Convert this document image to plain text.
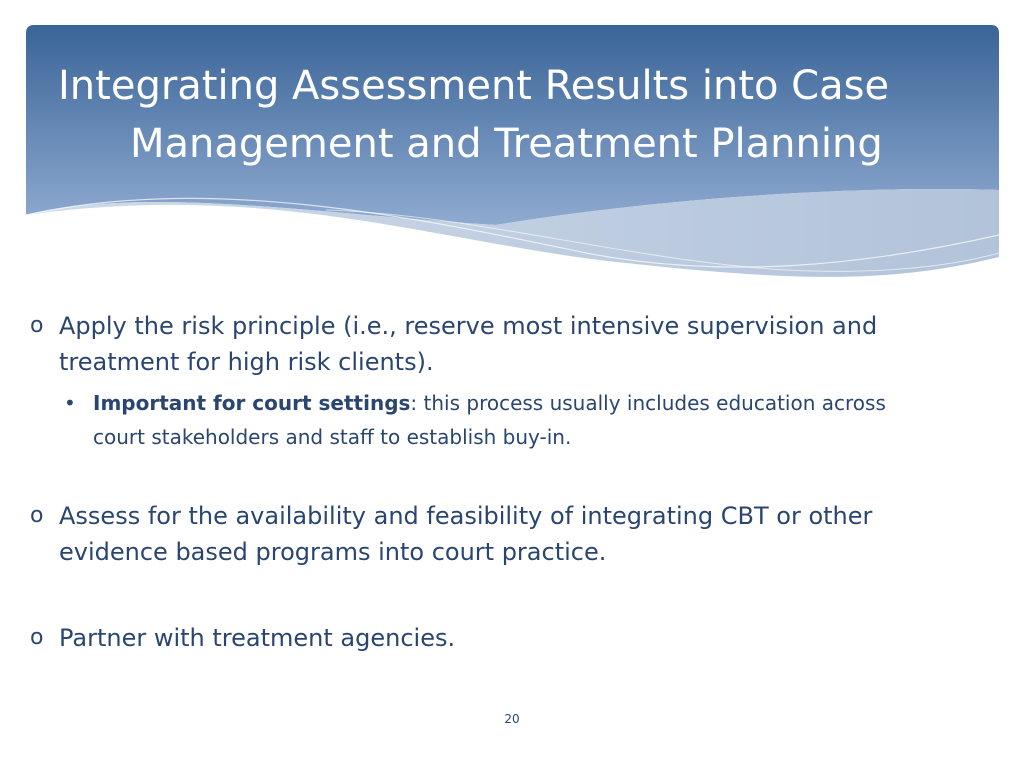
Integrating Assessment Results into Case
Management and Treatment Planning
o Apply the risk principle (i.e., reserve most intensive supervision and treatment for high risk clients).
• Important for court settings: this process usually includes education across court stakeholders and staff to establish buy-in.
o Assess for the availability and feasibility of integrating CBT or other evidence based programs into court practice.
o Partner with treatment agencies.
20
